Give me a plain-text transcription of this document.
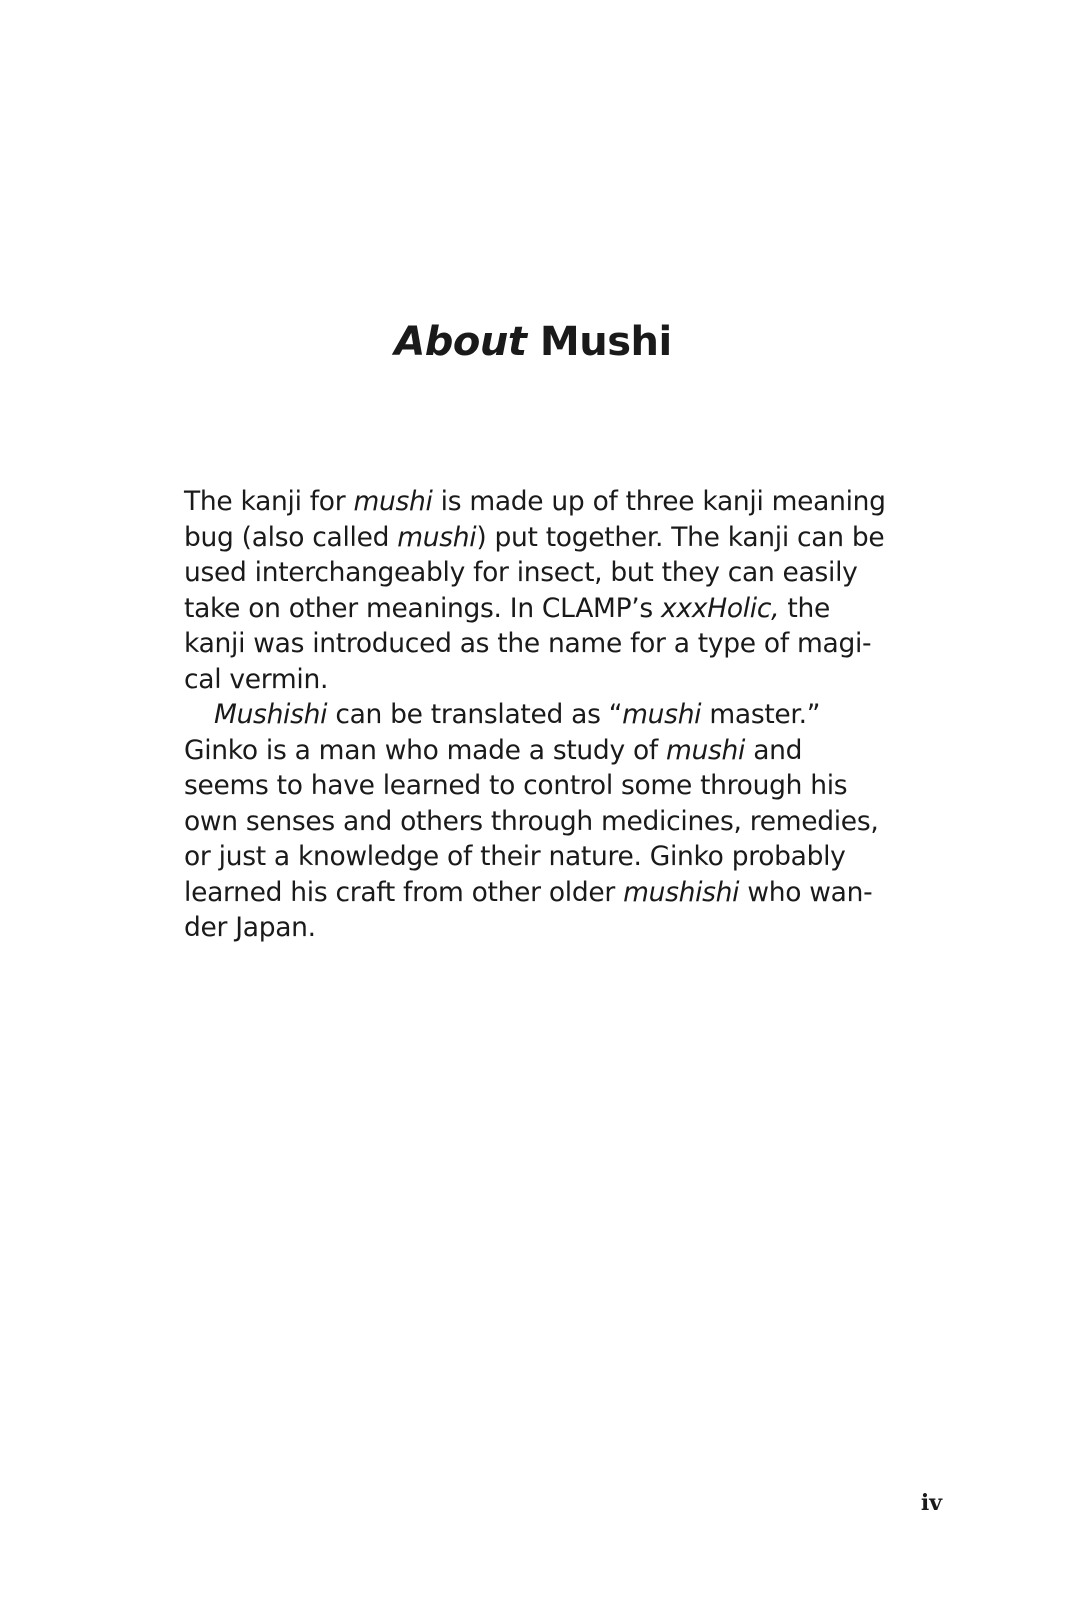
About Mushi
The kanji for mushi is made up of three kanji meaning
bug (also called mushi) put together. The kanji can be
used interchangeably for insect, but they can easily
take on other meanings. In CLAMP’s xxxHolic, the
kanji was introduced as the name for a type of magi-
cal vermin.
Mushishi can be translated as “mushi master.”
Ginko is a man who made a study of mushi and
seems to have learned to control some through his
own senses and others through medicines, remedies,
or just a knowledge of their nature. Ginko probably
learned his craft from other older mushishi who wan-
der Japan.
iv
